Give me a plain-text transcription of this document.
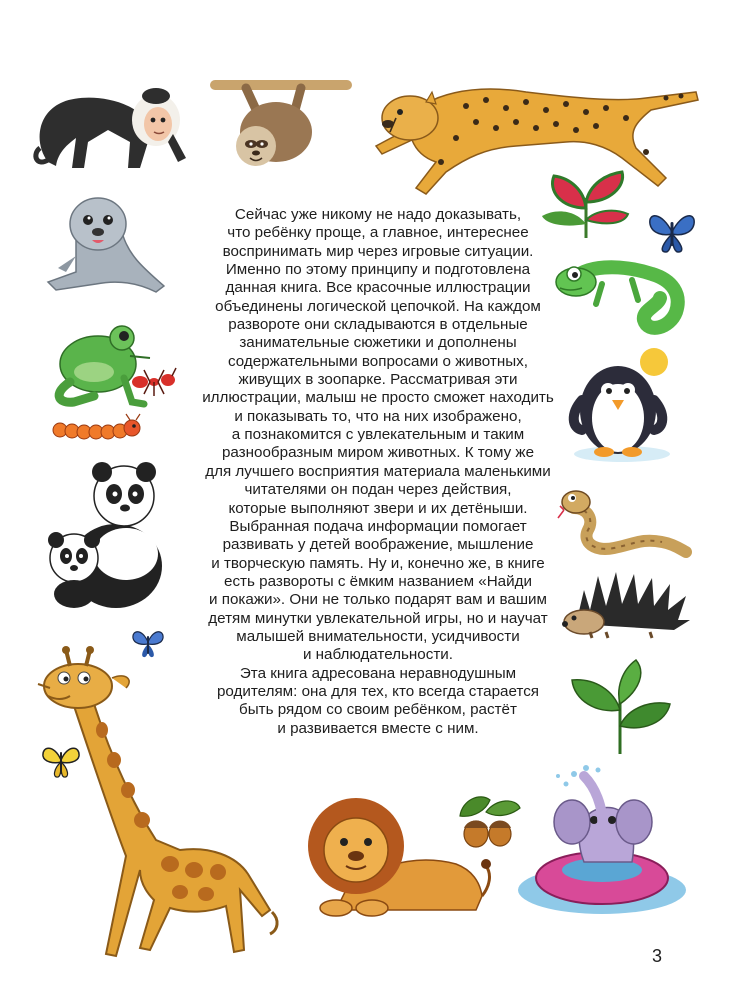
Сейчас уже никому не надо доказывать,
что ребёнку проще, а главное, интереснее
воспринимать мир через игровые ситуации.
Именно по этому принципу и подготовлена
данная книга. Все красочные иллюстрации
объединены логической цепочкой. На каждом
развороте они складываются в отдельные
занимательные сюжетики и дополнены
содержательными вопросами о животных,
живущих в зоопарке. Рассматривая эти
иллюстрации, малыш не просто сможет находить
и показывать то, что на них изображено,
а познакомится с увлекательным и таким
разнообразным миром животных. К тому же
для лучшего восприятия материала маленькими
читателями он подан через действия,
которые выполняют звери и их детёныши.
Выбранная подача информации помогает
развивать у детей воображение, мышление
и творческую память. Ну и, конечно же, в книге
есть развороты с ёмким названием «Найди
и покажи». Они не только подарят вам и вашим
детям минутки увлекательной игры, но и научат
малышей внимательности, усидчивости
и наблюдательности.
Эта книга адресована неравнодушным
родителям: она для тех, кто всегда старается
быть рядом со своим ребёнком, растёт
и развивается вместе с ним.
3
